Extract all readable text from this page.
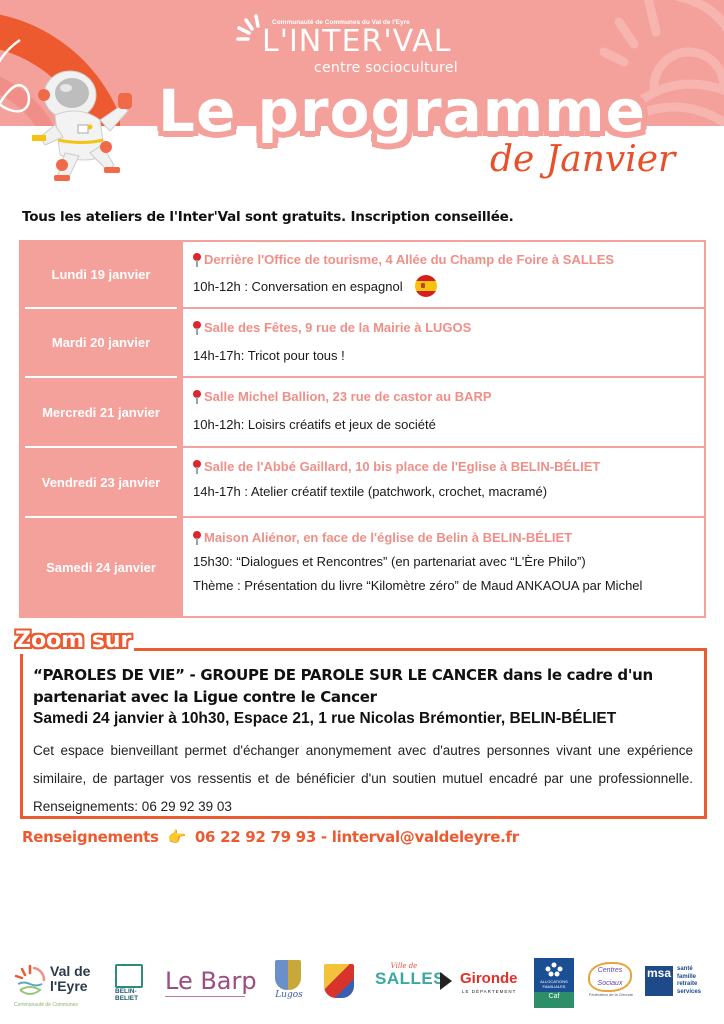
Communauté de Communes du Val de l'Eyre
L'INTER'VAL
centre socioculturel
Le programme
de Janvier

Tous les ateliers de l'Inter'Val sont gratuits. Inscription conseillée.

Lundi 19 janvier
Derrière l'Office de tourisme, 4 Allée du Champ de Foire à SALLES
10h-12h : Conversation en espagnol
Mardi 20 janvier
Salle des Fêtes, 9 rue de la Mairie à LUGOS
14h-17h: Tricot pour tous !
Mercredi 21 janvier
Salle Michel Ballion, 23 rue de castor au BARP
10h-12h: Loisirs créatifs et jeux de société
Vendredi 23 janvier
Salle de l'Abbé Gaillard, 10 bis place de l'Eglise à BELIN-BÉLIET
14h-17h : Atelier créatif textile (patchwork, crochet, macramé)
Samedi 24 janvier
Maison Aliénor, en face de l'église de Belin à BELIN-BÉLIET
15h30: “Dialogues et Rencontres” (en partenariat avec “L'Ère Philo”)
Thème : Présentation du livre “Kilomètre zéro” de Maud ANKAOUA par Michel
Zoom sur
“PAROLES DE VIE” - GROUPE DE PAROLE SUR LE CANCER dans le cadre d'un partenariat avec la Ligue contre le Cancer
Samedi 24 janvier à 10h30, Espace 21, 1 rue Nicolas Brémontier, BELIN-BÉLIET

Cet espace bienveillant permet d'échanger anonymement avec d'autres personnes vivant une expérience similaire, de partager vos ressentis et de bénéficier d'un soutien mutuel encadré par une professionnelle. Renseignements: 06 29 92 39 03

Renseignements 👉 06 22 92 79 93 - linterval@valdeleyre.fr
Val de
l'Eyre
Communauté de Communes
BELIN-
BELIET
Le Barp Lugos
Ville de
SALLES Gironde
LE DÉPARTEMENT
ALLOCATIONS FAMILIALES
Caf
Centres Sociaux
Fédération de la Gironde
msa santé
famille
retraite
services
